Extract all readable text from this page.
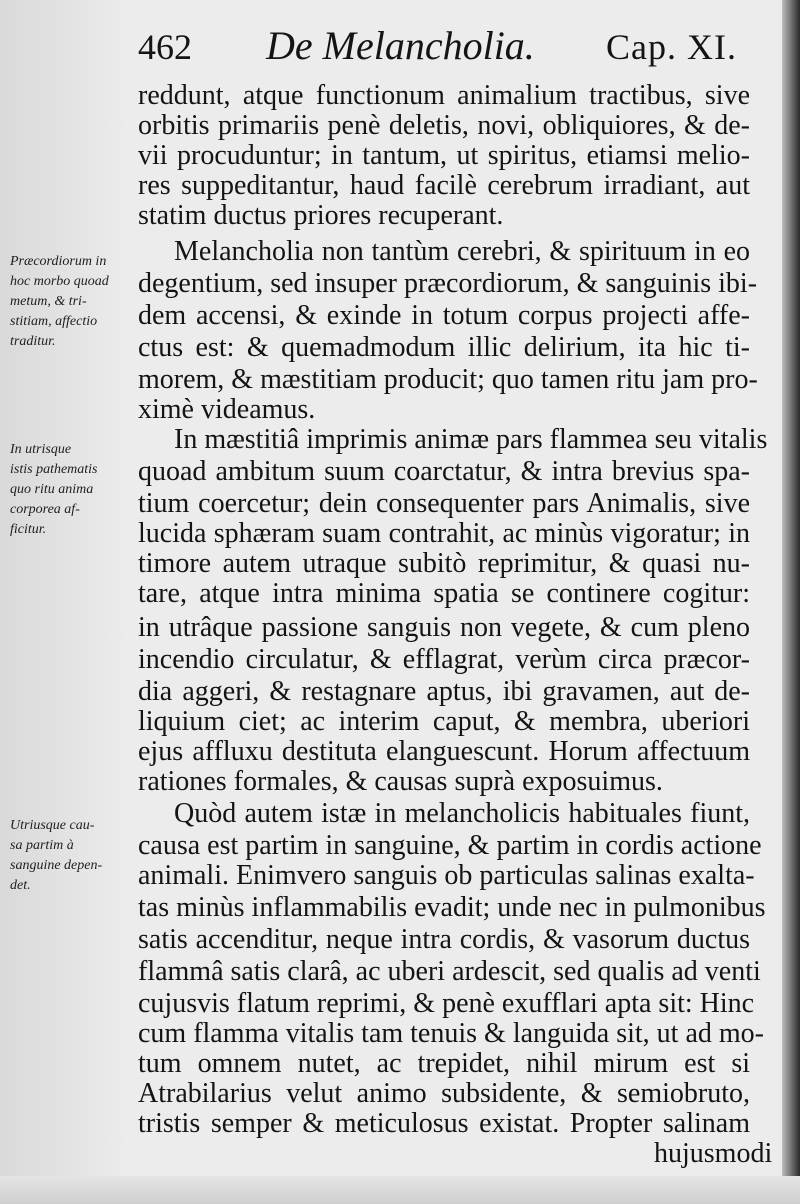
462 De Melancholia. Cap. XI.
reddunt, atque functionum animalium tractibus, sive
orbitis primariis penè deletis, novi, obliquiores, & de-
vii procuduntur; in tantum, ut spiritus, etiamsi melio-
res suppeditantur, haud facilè cerebrum irradiant, aut
statim ductus priores recuperant.
Melancholia non tantùm cerebri, & spirituum in eo
degentium, sed insuper præcordiorum, & sanguinis ibi-
dem accensi, & exinde in totum corpus projecti affe-
ctus est: & quemadmodum illic delirium, ita hic ti-
morem, & mæstitiam producit; quo tamen ritu jam pro-
ximè videamus.
In mæstitiâ imprimis animæ pars flammea seu vitalis
quoad ambitum suum coarctatur, & intra brevius spa-
tium coercetur; dein consequenter pars Animalis, sive
lucida sphæram suam contrahit, ac minùs vigoratur; in
timore autem utraque subitò reprimitur, & quasi nu-
tare, atque intra minima spatia se continere cogitur:
in utrâque passione sanguis non vegete, & cum pleno
incendio circulatur, & efflagrat, verùm circa præcor-
dia aggeri, & restagnare aptus, ibi gravamen, aut de-
liquium ciet; ac interim caput, & membra, uberiori
ejus affluxu destituta elanguescunt. Horum affectuum
rationes formales, & causas suprà exposuimus.
Quòd autem istæ in melancholicis habituales fiunt,
causa est partim in sanguine, & partim in cordis actione
animali. Enimvero sanguis ob particulas salinas exalta-
tas minùs inflammabilis evadit; unde nec in pulmonibus
satis accenditur, neque intra cordis, & vasorum ductus
flammâ satis clarâ, ac uberi ardescit, sed qualis ad venti
cujusvis flatum reprimi, & penè exufflari apta sit: Hinc
cum flamma vitalis tam tenuis & languida sit, ut ad mo-
tum omnem nutet, ac trepidet, nihil mirum est si
Atrabilarius velut animo subsidente, & semiobruto,
tristis semper & meticulosus existat. Propter salinam
hujusmodi
Præcordiorum in
hoc morbo quoad
metum, & tri-
stitiam, affectio
traditur.
In utrisque
istis pathematis
quo ritu anima
corporea af-
ficitur.
Utriusque cau-
sa partim à
sanguine depen-
det.
